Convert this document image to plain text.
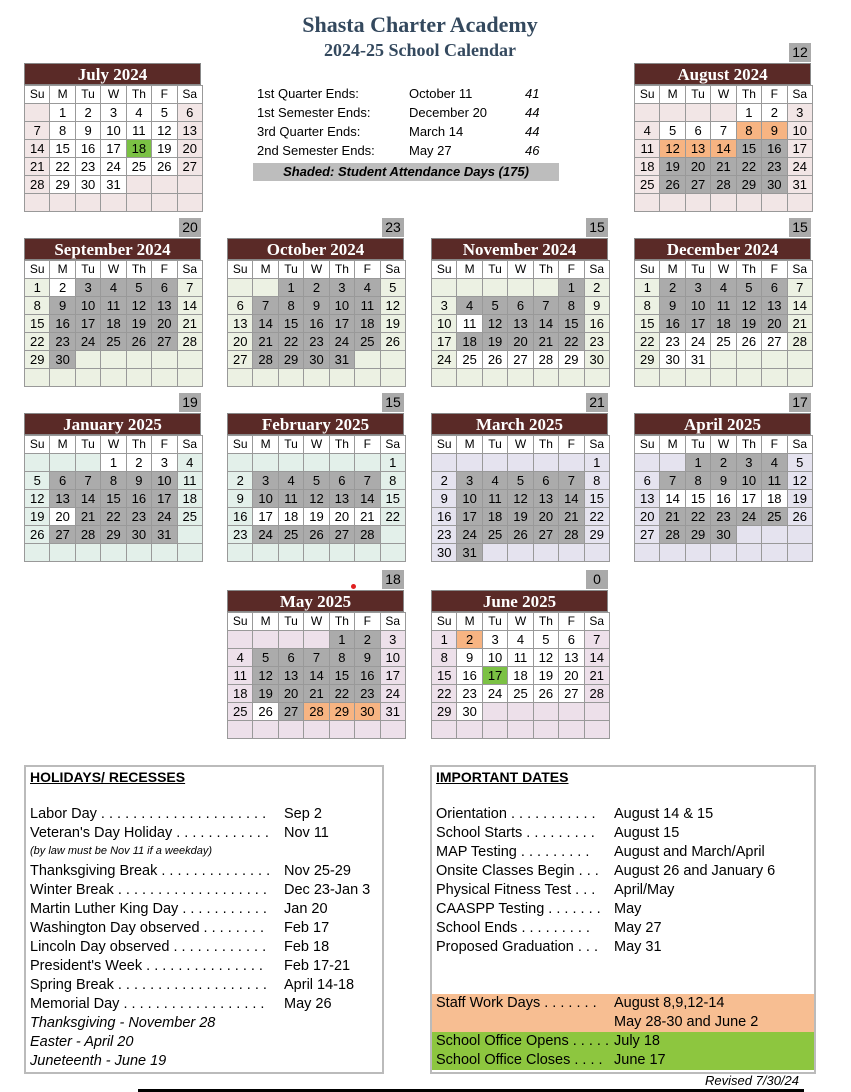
Shasta Charter Academy
2024-25 School Calendar
July 2024
Su	M	Tu	W	Th	F	Sa
	1	2	3	4	5	6
7	8	9	10	11	12	13
14	15	16	17	18	19	20
21	22	23	24	25	26	27
28	29	30	31			

12
August 2024
Su	M	Tu	W	Th	F	Sa
				1	2	3
4	5	6	7	8	9	10
11	12	13	14	15	16	17
18	19	20	21	22	23	24
25	26	27	28	29	30	31

20
September 2024
Su	M	Tu	W	Th	F	Sa
1	2	3	4	5	6	7
8	9	10	11	12	13	14
15	16	17	18	19	20	21
22	23	24	25	26	27	28
29	30					

23
October 2024
Su	M	Tu	W	Th	F	Sa
		1	2	3	4	5
6	7	8	9	10	11	12
13	14	15	16	17	18	19
20	21	22	23	24	25	26
27	28	29	30	31		

15
November 2024
Su	M	Tu	W	Th	F	Sa
					1	2
3	4	5	6	7	8	9
10	11	12	13	14	15	16
17	18	19	20	21	22	23
24	25	26	27	28	29	30

15
December 2024
Su	M	Tu	W	Th	F	Sa
1	2	3	4	5	6	7
8	9	10	11	12	13	14
15	16	17	18	19	20	21
22	23	24	25	26	27	28
29	30	31				

19
January 2025
Su	M	Tu	W	Th	F	Sa
			1	2	3	4
5	6	7	8	9	10	11
12	13	14	15	16	17	18
19	20	21	22	23	24	25
26	27	28	29	30	31	

15
February 2025
Su	M	Tu	W	Th	F	Sa
						1
2	3	4	5	6	7	8
9	10	11	12	13	14	15
16	17	18	19	20	21	22
23	24	25	26	27	28	

21
March 2025
Su	M	Tu	W	Th	F	Sa
						1
2	3	4	5	6	7	8
9	10	11	12	13	14	15
16	17	18	19	20	21	22
23	24	25	26	27	28	29
30	31					
17
April 2025
Su	M	Tu	W	Th	F	Sa
		1	2	3	4	5
6	7	8	9	10	11	12
13	14	15	16	17	18	19
20	21	22	23	24	25	26
27	28	29	30			

18
May 2025
Su	M	Tu	W	Th	F	Sa
				1	2	3
4	5	6	7	8	9	10
11	12	13	14	15	16	17
18	19	20	21	22	23	24
25	26	27	28	29	30	31

0
June 2025
Su	M	Tu	W	Th	F	Sa
1	2	3	4	5	6	7
8	9	10	11	12	13	14
15	16	17	18	19	20	21
22	23	24	25	26	27	28
29	30					

1st Quarter Ends:	October 11	41
1st Semester Ends:	December 20	44
3rd Quarter Ends:	March 14	44
2nd Semester Ends:	May 27	46
Shaded: Student Attendance Days (175)
HOLIDAYS/ RECESSES
Labor Day . . . . . . . . . . . . . . . . . . . . . Sep 2
Veteran's Day Holiday . . . . . . . . . . . . Nov 11
(by law must be Nov 11 if a weekday)
Thanksgiving Break . . . . . . . . . . . . . . Nov 25-29
Winter Break . . . . . . . . . . . . . . . . . . . Dec 23-Jan 3
Martin Luther King Day . . . . . . . . . . . Jan 20
Washington Day observed . . . . . . . . Feb 17
Lincoln Day observed . . . . . . . . . . . . Feb 18
President's Week . . . . . . . . . . . . . . . Feb 17-21
Spring Break . . . . . . . . . . . . . . . . . . . April 14-18
Memorial Day . . . . . . . . . . . . . . . . . . May 26
Thanksgiving - November 28
Easter - April 20
Juneteenth - June 19
IMPORTANT DATES
Orientation . . . . . . . . . . . August 14 & 15
School Starts . . . . . . . . . August 15
MAP Testing . . . . . . . . . August and March/April
Onsite Classes Begin . . . August 26 and January 6
Physical Fitness Test . . . April/May
CAASPP Testing . . . . . . . May
School Ends . . . . . . . . . May 27
Proposed Graduation . . . May 31
Staff Work Days . . . . . . . August 8,9,12-14
May 28-30 and June 2
School Office Opens . . . . . July 18
School Office Closes . . . . June 17
Revised 7/30/24
